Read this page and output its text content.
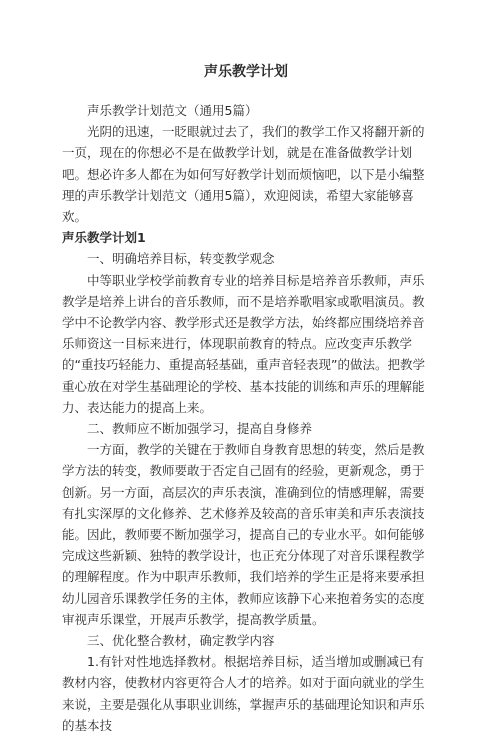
声乐教学计划

声乐教学计划范文（通用5篇）

光阴的迅速，一眨眼就过去了，我们的教学工作又将翻开新的一页，现在的你想必不是在做教学计划，就是在准备做教学计划吧。想必许多人都在为如何写好教学计划而烦恼吧，以下是小编整理的声乐教学计划范文（通用5篇），欢迎阅读，希望大家能够喜欢。

声乐教学计划1

一、明确培养目标，转变教学观念

中等职业学校学前教育专业的培养目标是培养音乐教师，声乐教学是培养上讲台的音乐教师，而不是培养歌唱家或歌唱演员。教学中不论教学内容、教学形式还是教学方法，始终都应围绕培养音乐师资这一目标来进行，体现职前教育的特点。应改变声乐教学的“重技巧轻能力、重提高轻基础，重声音轻表现”的做法。把教学重心放在对学生基础理论的学校、基本技能的训练和声乐的理解能力、表达能力的提高上来。

二、教师应不断加强学习，提高自身修养

一方面，教学的关键在于教师自身教育思想的转变，然后是教学方法的转变，教师要敢于否定自己固有的经验，更新观念，勇于创新。另一方面，高层次的声乐表演，准确到位的情感理解，需要有扎实深厚的文化修养、艺术修养及较高的音乐审美和声乐表演技能。因此，教师要不断加强学习，提高自己的专业水平。如何能够完成这些新颖、独特的教学设计，也正充分体现了对音乐课程教学的理解程度。作为中职声乐教师，我们培养的学生正是将来要承担幼儿园音乐课教学任务的主体，教师应该静下心来抱着务实的态度审视声乐课堂，开展声乐教学，提高教学质量。

三、优化整合教材，确定教学内容

1.有针对性地选择教材。根据培养目标，适当增加或删减已有教材内容，使教材内容更符合人才的培养。如对于面向就业的学生来说，主要是强化从事职业训练，掌握声乐的基础理论知识和声乐的基本技
